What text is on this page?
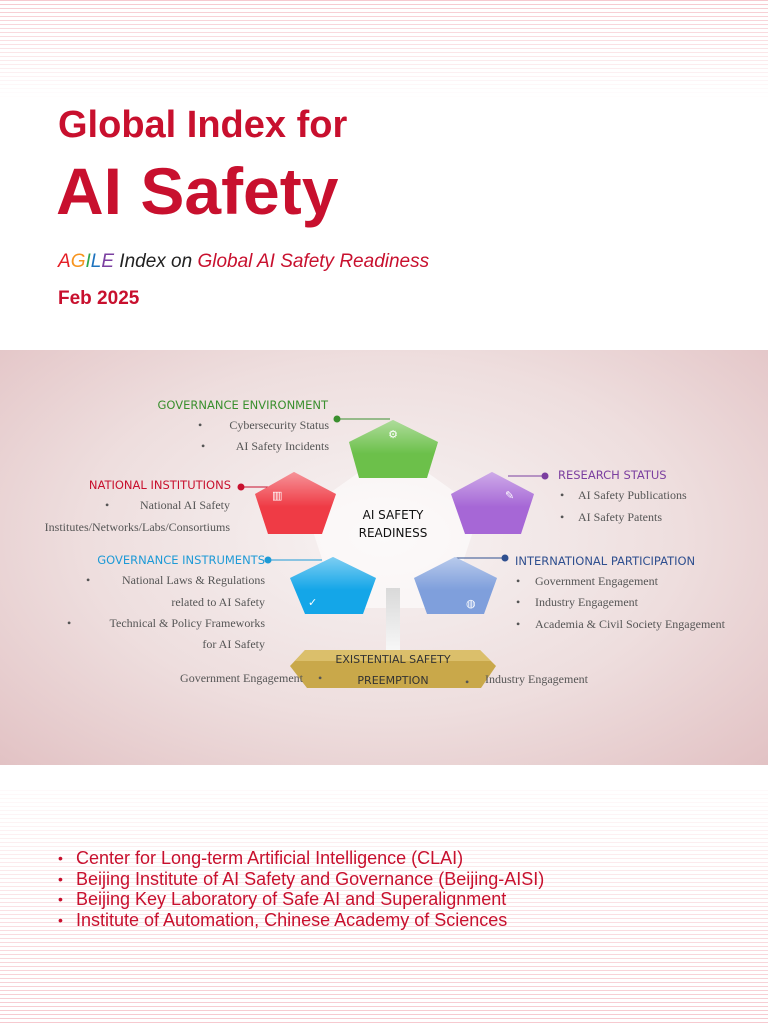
Global Index for
AI Safety
AGILE Index on Global AI Safety Readiness
Feb 2025
⚙
▥	✎
✓	◍
AI SAFETY
READINESS
EXISTENTIAL SAFETY
PREEMPTION
Government Engagement •	• Industry Engagement
GOVERNANCE ENVIRONMENT
• Cybersecurity Status
•	AI Safety Incidents
NATIONAL INSTITUTIONS
•	National AI Safety
Institutes/Networks/Labs/Consortiums
RESEARCH STATUS
• AI Safety Publications
• AI Safety Patents
GOVERNANCE INSTRUMENTS
•	National Laws & Regulations
related to AI Safety
•	Technical & Policy Frameworks
for AI Safety
INTERNATIONAL PARTICIPATION
• Government Engagement
• Industry Engagement
• Academia & Civil Society Engagement
• Center for Long-term Artificial Intelligence (CLAI)
• Beijing Institute of AI Safety and Governance (Beijing-AISI)
• Beijing Key Laboratory of Safe AI and Superalignment
• Institute of Automation, Chinese Academy of Sciences
